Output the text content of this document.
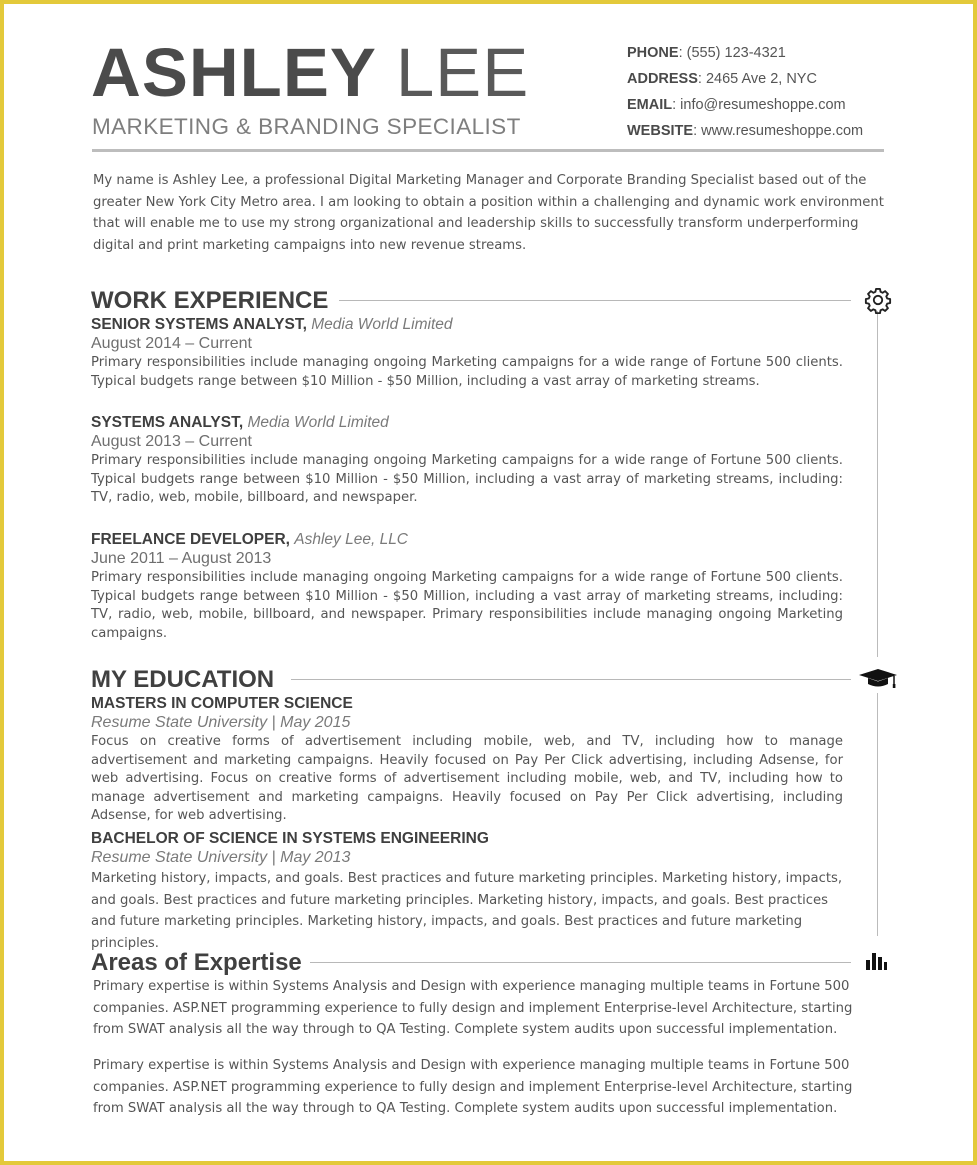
ASHLEY LEE
MARKETING & BRANDING SPECIALIST
PHONE: (555) 123-4321
ADDRESS: 2465 Ave 2, NYC
EMAIL: info@resumeshoppe.com
WEBSITE: www.resumeshoppe.com
My name is Ashley Lee, a professional Digital Marketing Manager and Corporate Branding Specialist based out of the greater New York City Metro area. I am looking to obtain a position within a challenging and dynamic work environment that will enable me to use my strong organizational and leadership skills to successfully transform underperforming digital and print marketing campaigns into new revenue streams.
WORK EXPERIENCE
SENIOR SYSTEMS ANALYST, Media World Limited
August 2014 – Current
Primary responsibilities include managing ongoing Marketing campaigns for a wide range of Fortune 500 clients. Typical budgets range between $10 Million - $50 Million, including a vast array of marketing streams.
SYSTEMS ANALYST, Media World Limited
August 2013 – Current
Primary responsibilities include managing ongoing Marketing campaigns for a wide range of Fortune 500 clients. Typical budgets range between $10 Million - $50 Million, including a vast array of marketing streams, including: TV, radio, web, mobile, billboard, and newspaper.
FREELANCE DEVELOPER, Ashley Lee, LLC
June 2011 – August 2013
Primary responsibilities include managing ongoing Marketing campaigns for a wide range of Fortune 500 clients. Typical budgets range between $10 Million - $50 Million, including a vast array of marketing streams, including: TV, radio, web, mobile, billboard, and newspaper. Primary responsibilities include managing ongoing Marketing campaigns.
MY EDUCATION
MASTERS IN COMPUTER SCIENCE
Resume State University | May 2015
Focus on creative forms of advertisement including mobile, web, and TV, including how to manage advertisement and marketing campaigns. Heavily focused on Pay Per Click advertising, including Adsense, for web advertising. Focus on creative forms of advertisement including mobile, web, and TV, including how to manage advertisement and marketing campaigns. Heavily focused on Pay Per Click advertising, including Adsense, for web advertising.
BACHELOR OF SCIENCE IN SYSTEMS ENGINEERING
Resume State University | May 2013
Marketing history, impacts, and goals. Best practices and future marketing principles. Marketing history, impacts, and goals. Best practices and future marketing principles. Marketing history, impacts, and goals. Best practices and future marketing principles. Marketing history, impacts, and goals. Best practices and future marketing principles.
Areas of Expertise
Primary expertise is within Systems Analysis and Design with experience managing multiple teams in Fortune 500 companies. ASP.NET programming experience to fully design and implement Enterprise-level Architecture, starting from SWAT analysis all the way through to QA Testing. Complete system audits upon successful implementation.
Primary expertise is within Systems Analysis and Design with experience managing multiple teams in Fortune 500 companies. ASP.NET programming experience to fully design and implement Enterprise-level Architecture, starting from SWAT analysis all the way through to QA Testing. Complete system audits upon successful implementation.
